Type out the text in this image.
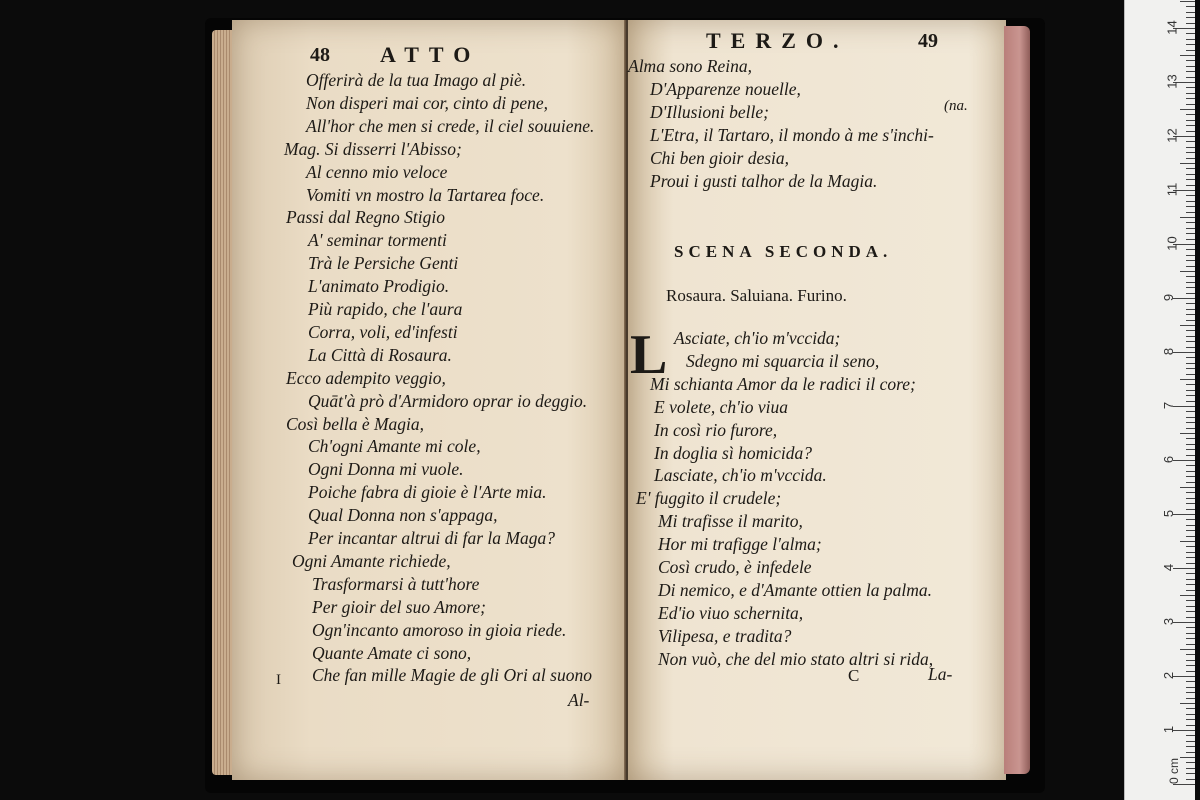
48 ATTO
Offerirà de la tua Imago al piè.
Non disperi mai cor, cinto di pene,
All'hor che men si crede, il ciel souuiene.
Mag. Si disserri l'Abisso;
Al cenno mio veloce
Vomiti vn mostro la Tartarea foce.
Passi dal Regno Stigio
A' seminar tormenti
Trà le Persiche Genti
L'animato Prodigio.
Più rapido, che l'aura
Corra, voli, ed'infesti
La Città di Rosaura.
Ecco adempito veggio,
Quāt'à prò d'Armidoro oprar io deggio.
Così bella è Magia,
Ch'ogni Amante mi cole,
Ogni Donna mi vuole.
Poiche fabra di gioie è l'Arte mia.
Qual Donna non s'appaga,
Per incantar altrui di far la Maga?
Ogni Amante richiede,
Trasformarsi à tutt'hore
Per gioir del suo Amore;
Ogn'incanto amoroso in gioia riede.
Quante Amate ci sono,
Che fan mille Magie de gli Ori al suono
I
Al-
TERZO.	49
Alma sono Reina,
D'Apparenze nouelle,
D'Illusioni belle;
L'Etra, il Tartaro, il mondo à me s'inchi-
Chi ben gioir desia,
Proui i gusti talhor de la Magia.
(na.
SCENA SECONDA.
Rosaura. Saluiana. Furino.
L Asciate, ch'io m'vccida;
Sdegno mi squarcia il seno,
Mi schianta Amor da le radici il core;
E volete, ch'io viua
In così rio furore,
In doglia sì homicida?
Lasciate, ch'io m'vccida.
E' fuggito il crudele;
Mi trafisse il marito,
Hor mi trafigge l'alma;
Così crudo, è infedele
Di nemico, e d'Amante ottien la palma.
Ed'io viuo schernita,
Vilipesa, e tradita?
Non vuò, che del mio stato altri si rida,
C	La-
0 cm
1
2
3
4
5
6
7
8
9
10
11
12
13
14
